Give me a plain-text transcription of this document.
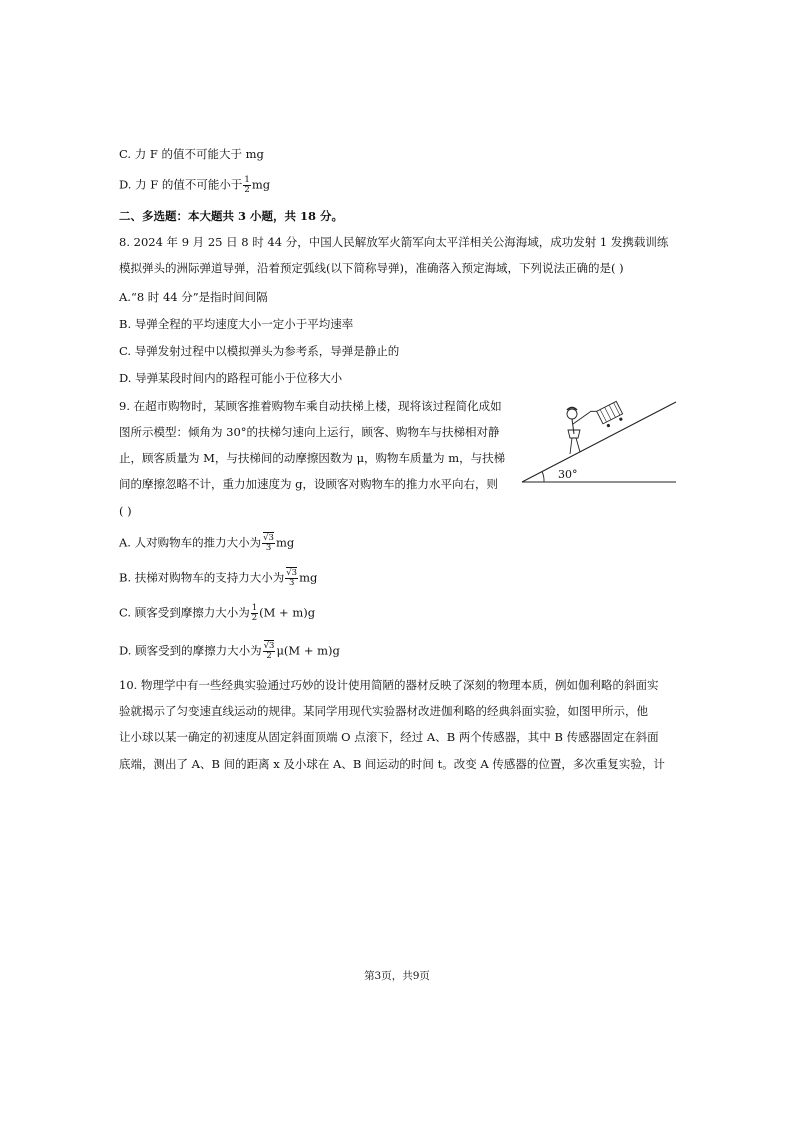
C. 力 F 的值不可能大于 mg
D. 力 F 的值不可能小于 $\frac{1}{2}$ mg
二、多选题：本大题共 3 小题，共 18 分。
8. 2024 年 9 月 25 日 8 时 44 分，中国人民解放军火箭军向太平洋相关公海海域，成功发射 1 发携载训练
模拟弹头的洲际弹道导弹，沿着预定弧线(以下简称导弹)，准确落入预定海域，下列说法正确的是( )
A.“8 时 44 分”是指时间间隔
B. 导弹全程的平均速度大小一定小于平均速率
C. 导弹发射过程中以模拟弹头为参考系，导弹是静止的
D. 导弹某段时间内的路程可能小于位移大小
9. 在超市购物时，某顾客推着购物车乘自动扶梯上楼，现将该过程简化成如
图所示模型：倾角为 30°的扶梯匀速向上运行，顾客、购物车与扶梯相对静
止，顾客质量为 M，与扶梯间的动摩擦因数为 μ，购物车质量为 m，与扶梯
间的摩擦忽略不计，重力加速度为 g，设顾客对购物车的推力水平向右，则
( )
30°
A. 人对购物车的推力大小为 $\frac{√3}{3}$ mg
B. 扶梯对购物车的支持力大小为 $\frac{√3}{3}$ mg
C. 顾客受到摩擦力大小为 $\frac{1}{2} (M + m)g$
D. 顾客受到的摩擦力大小为 $\frac{√3}{2} \mu(M + m)g$
10. 物理学中有一些经典实验通过巧妙的设计使用简陋的器材反映了深刻的物理本质，例如伽利略的斜面实
验就揭示了匀变速直线运动的规律。某同学用现代实验器材改进伽利略的经典斜面实验，如图甲所示，他
让小球以某一确定的初速度从固定斜面顶端 O 点滚下，经过 A、B 两个传感器，其中 B 传感器固定在斜面
底端，测出了 A、B 间的距离 x 及小球在 A、B 间运动的时间 t。改变 A 传感器的位置，多次重复实验，计
第3页，共9页
